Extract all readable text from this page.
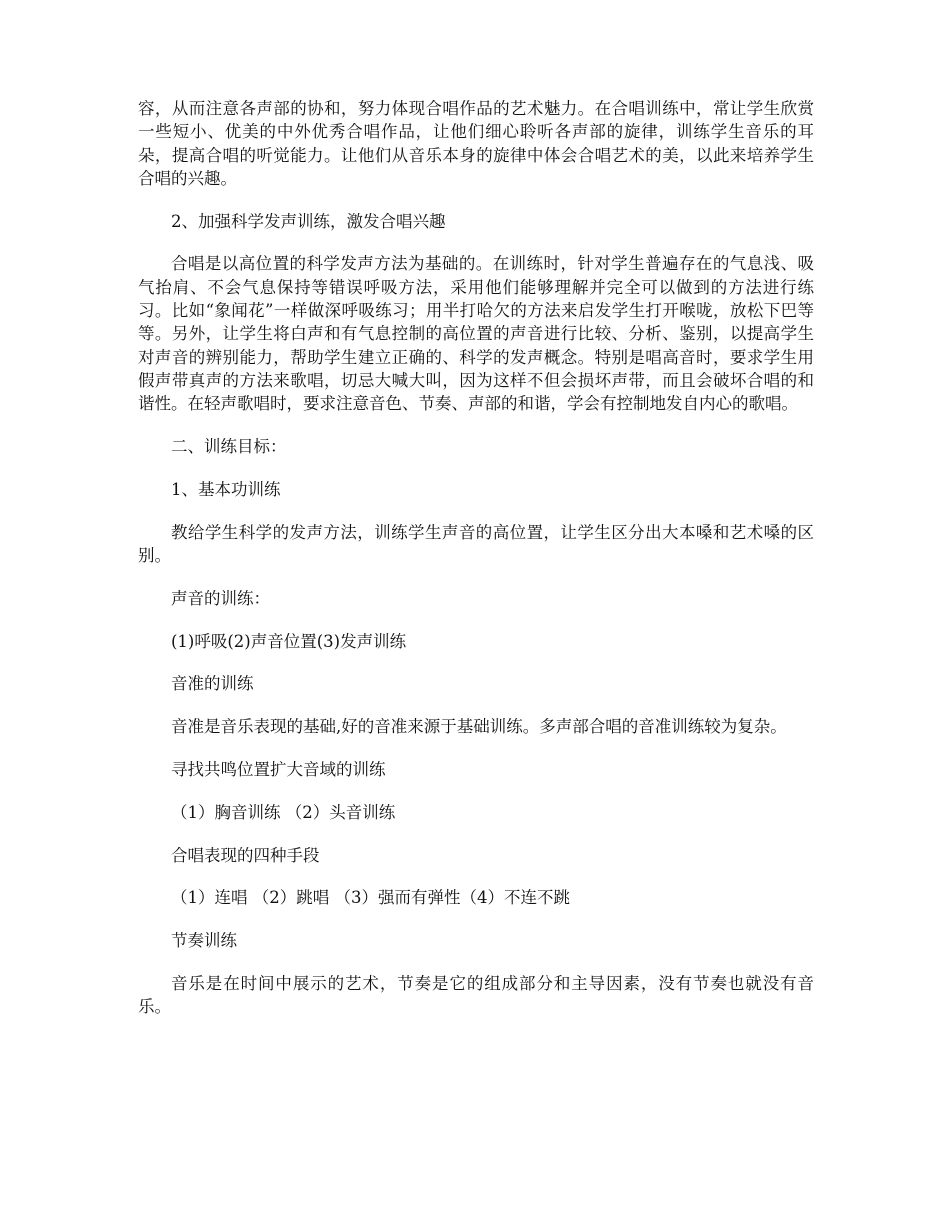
容，从而注意各声部的协和，努力体现合唱作品的艺术魅力。在合唱训练中，常让学生欣赏一些短小、优美的中外优秀合唱作品，让他们细心聆听各声部的旋律，训练学生音乐的耳朵，提高合唱的听觉能力。让他们从音乐本身的旋律中体会合唱艺术的美，以此来培养学生合唱的兴趣。

2、加强科学发声训练，激发合唱兴趣

合唱是以高位置的科学发声方法为基础的。在训练时，针对学生普遍存在的气息浅、吸气抬肩、不会气息保持等错误呼吸方法，采用他们能够理解并完全可以做到的方法进行练习。比如“象闻花”一样做深呼吸练习；用半打哈欠的方法来启发学生打开喉咙，放松下巴等等。另外，让学生将白声和有气息控制的高位置的声音进行比较、分析、鉴别，以提高学生对声音的辨别能力，帮助学生建立正确的、科学的发声概念。特别是唱高音时，要求学生用假声带真声的方法来歌唱，切忌大喊大叫，因为这样不但会损坏声带，而且会破坏合唱的和谐性。在轻声歌唱时，要求注意音色、节奏、声部的和谐，学会有控制地发自内心的歌唱。

二、训练目标：

1、基本功训练

教给学生科学的发声方法，训练学生声音的高位置，让学生区分出大本嗓和艺术嗓的区别。

声音的训练：

(1)呼吸(2)声音位置(3)发声训练

音准的训练

音准是音乐表现的基础,好的音准来源于基础训练。多声部合唱的音准训练较为复杂。

寻找共鸣位置扩大音域的训练

（1）胸音训练 （2）头音训练

合唱表现的四种手段

（1）连唱 （2）跳唱 （3）强而有弹性（4）不连不跳

节奏训练

音乐是在时间中展示的艺术，节奏是它的组成部分和主导因素，没有节奏也就没有音乐。
